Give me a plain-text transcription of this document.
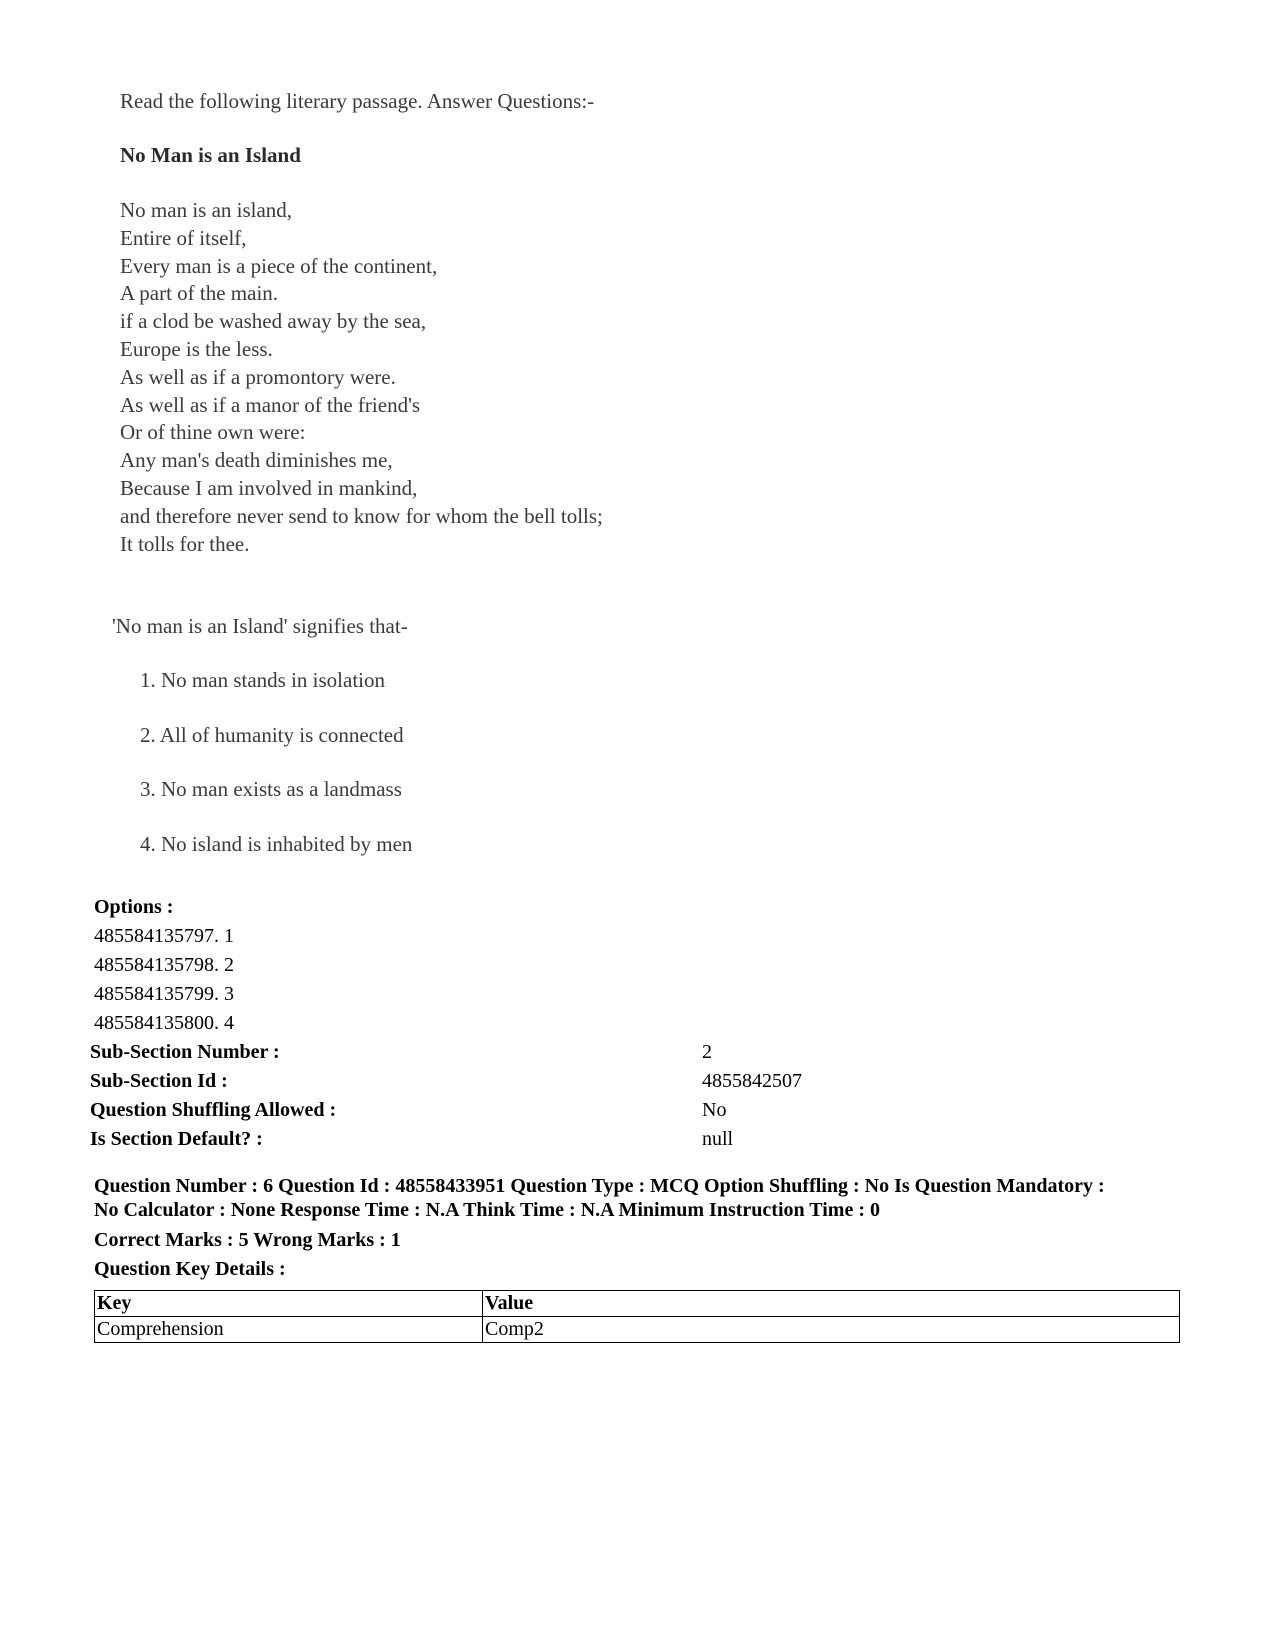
Read the following literary passage. Answer Questions:-

No Man is an Island

No man is an island,
Entire of itself,
Every man is a piece of the continent,
A part of the main.
if a clod be washed away by the sea,
Europe is the less.
As well as if a promontory were.
As well as if a manor of the friend's
Or of thine own were:
Any man's death diminishes me,
Because I am involved in mankind,
and therefore never send to know for whom the bell tolls;
It tolls for thee.

'No man is an Island' signifies that-

1. No man stands in isolation
2. All of humanity is connected
3. No man exists as a landmass
4. No island is inhabited by men
Options :
485584135797. 1
485584135798. 2
485584135799. 3
485584135800. 4
Sub-Section Number :	2
Sub-Section Id :	4855842507
Question Shuffling Allowed :	No
Is Section Default? :	null
Question Number : 6 Question Id : 48558433951 Question Type : MCQ Option Shuffling : No Is Question Mandatory :
No Calculator : None Response Time : N.A Think Time : N.A Minimum Instruction Time : 0
Correct Marks : 5 Wrong Marks : 1
Question Key Details :
Key	Value
Comprehension	Comp2
